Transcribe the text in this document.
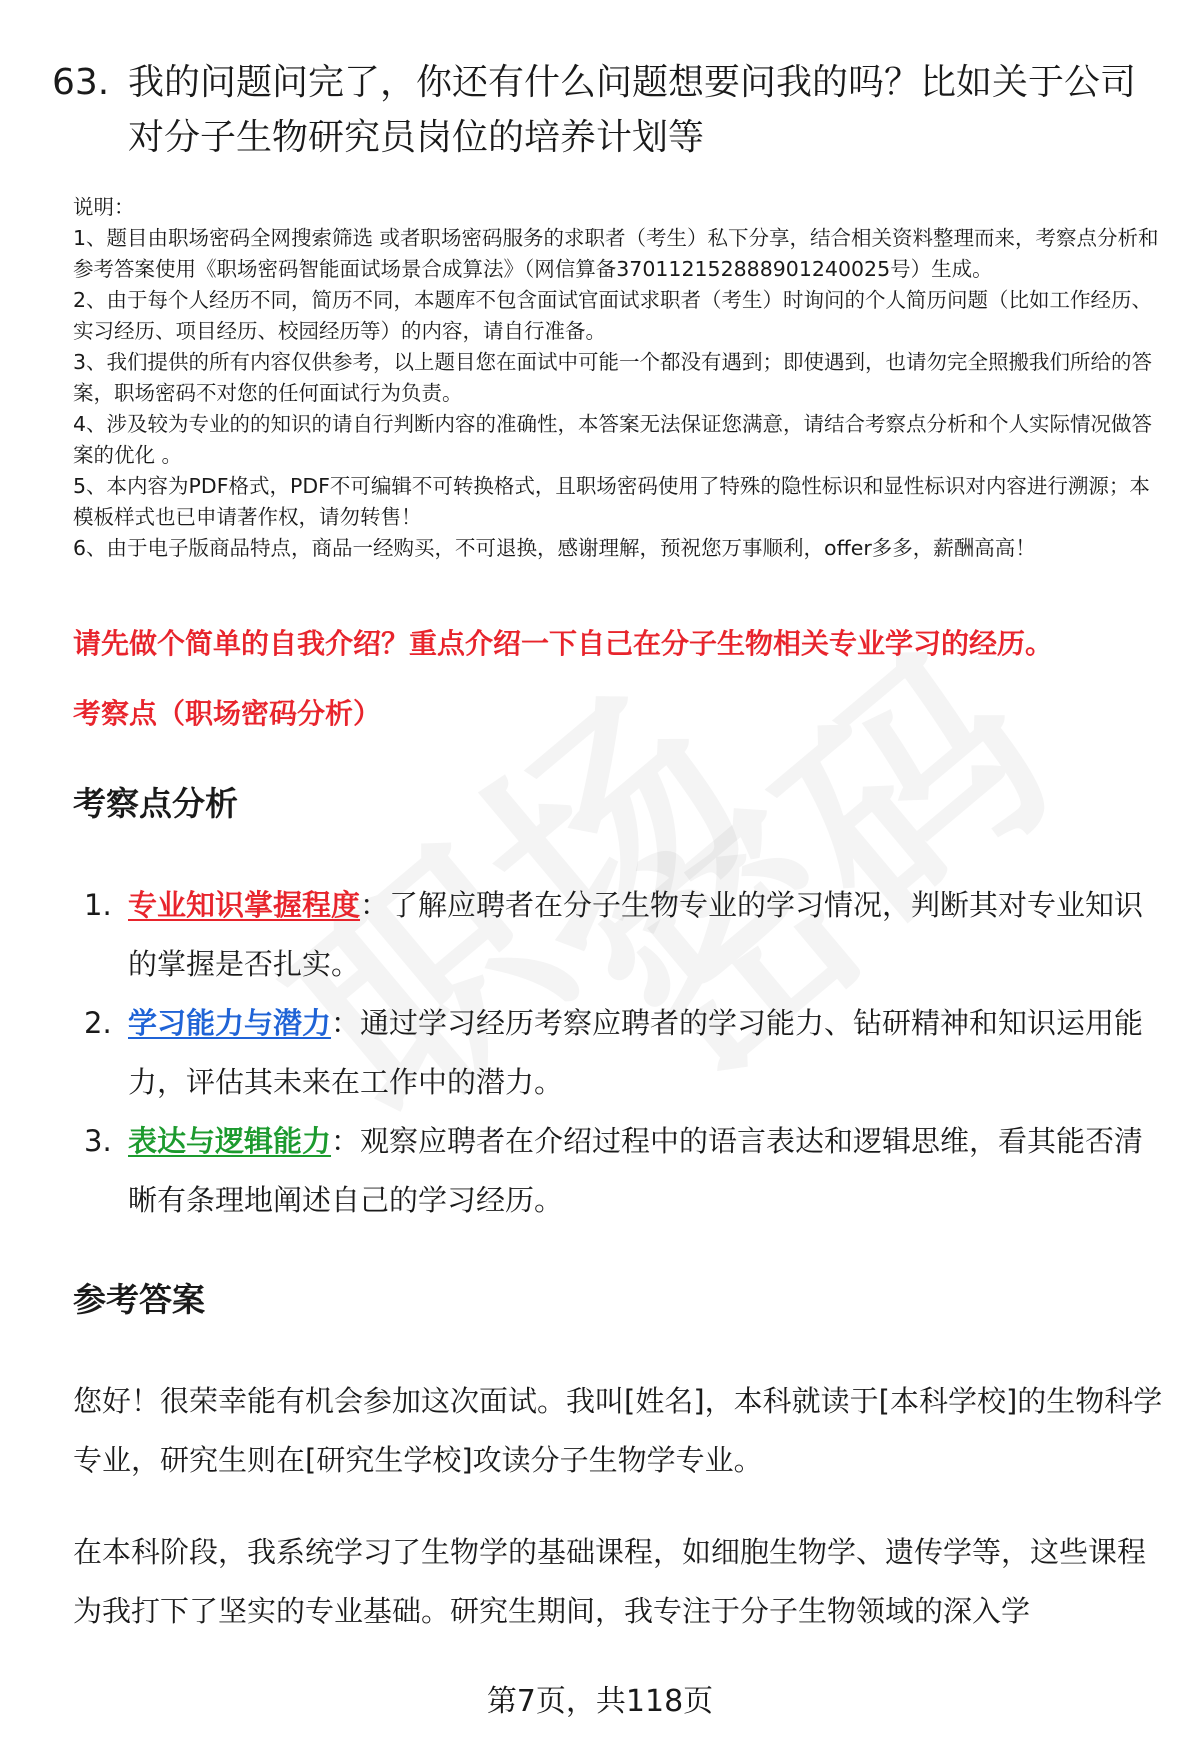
63. 我的问题问完了，你还有什么问题想要问我的吗？比如关于公司对分子生物研究员岗位的培养计划等

说明：

1、题目由职场密码全网搜索筛选 或者职场密码服务的求职者（考生）私下分享，结合相关资料整理而来，考察点分析和参考答案使用《职场密码智能面试场景合成算法》（网信算备370112152888901240025号）生成。

2、由于每个人经历不同，简历不同，本题库不包含面试官面试求职者（考生）时询问的个人简历问题（比如工作经历、实习经历、项目经历、校园经历等）的内容，请自行准备。

3、我们提供的所有内容仅供参考，以上题目您在面试中可能一个都没有遇到；即使遇到，也请勿完全照搬我们所给的答案，职场密码不对您的任何面试行为负责。

4、涉及较为专业的的知识的请自行判断内容的准确性，本答案无法保证您满意，请结合考察点分析和个人实际情况做答案的优化 。

5、本内容为PDF格式，PDF不可编辑不可转换格式，且职场密码使用了特殊的隐性标识和显性标识对内容进行溯源；本模板样式也已申请著作权，请勿转售！

6、由于电子版商品特点，商品一经购买，不可退换，感谢理解，预祝您万事顺利，offer多多，薪酬高高！

请先做个简单的自我介绍？重点介绍一下自己在分子生物相关专业学习的经历。
考察点（职场密码分析）
考察点分析
1. 专业知识掌握程度：了解应聘者在分子生物专业的学习情况，判断其对专业知识的掌握是否扎实。
2. 学习能力与潜力：通过学习经历考察应聘者的学习能力、钻研精神和知识运用能力，评估其未来在工作中的潜力。
3. 表达与逻辑能力：观察应聘者在介绍过程中的语言表达和逻辑思维，看其能否清晰有条理地阐述自己的学习经历。
参考答案

您好！很荣幸能有机会参加这次面试。我叫[姓名]，本科就读于[本科学校]的生物科学专业，研究生则在[研究生学校]攻读分子生物学专业。

在本科阶段，我系统学习了生物学的基础课程，如细胞生物学、遗传学等，这些课程为我打下了坚实的专业基础。研究生期间，我专注于分子生物领域的深入学

第7页，共118页
